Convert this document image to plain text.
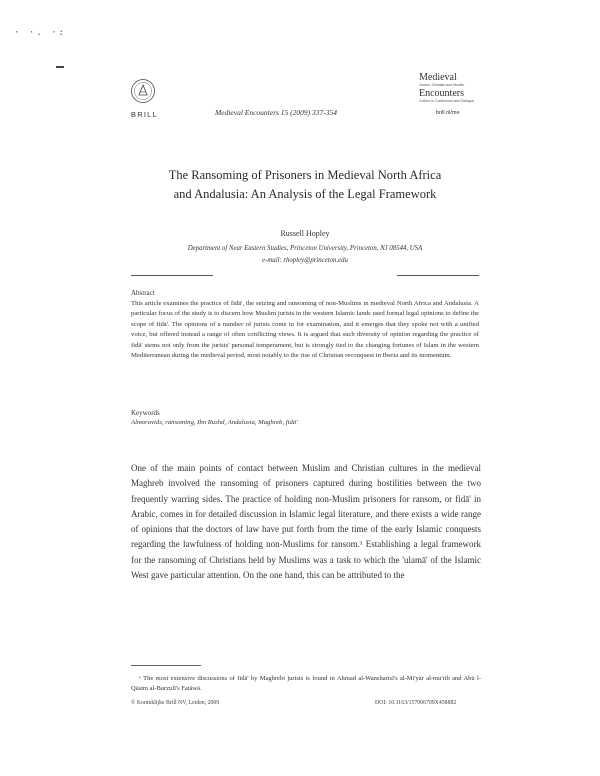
· ·. ·:
BRILL	Medieval Encounters 15 (2009) 337-354
Medieval
Jewish, Christian and Muslim
Encounters
Culture in Confluence and Dialogue
brill.nl/me
The Ransoming of Prisoners in Medieval North Africa
and Andalusia: An Analysis of the Legal Framework
Russell Hopley
Department of Near Eastern Studies, Princeton University, Princeton, NJ 08544, USA
e-mail: rhopley@princeton.edu
Abstract

This article examines the practice of fidā', the seizing and ransoming of non-Muslims in medieval North Africa and Andalusia. A particular focus of the study is to discern how Muslim jurists in the western Islamic lands used formal legal opinions to define the scope of fidā'. The opinions of a number of jurists come in for examination, and it emerges that they spoke not with a unified voice, but offered instead a range of often conflicting views. It is argued that such diversity of opinion regarding the practice of fidā' stems not only from the jurists' personal temperament, but is strongly tied to the changing fortunes of Islam in the western Mediterranean during the medieval period, most notably to the rise of Christian reconquest in Iberia and its momentum.

Keywords
Almoravids, ransoming, Ibn Rushd, Andalusia, Maghreb, fidā'

One of the main points of contact between Muslim and Christian cultures in the medieval Maghreb involved the ransoming of prisoners captured during hostilities between the two frequently warring sides. The practice of holding non-Muslim prisoners for ransom, or fidā' in Arabic, comes in for detailed discussion in Islamic legal literature, and there exists a wide range of opinions that the doctors of law have put forth from the time of the early Islamic conquests regarding the lawfulness of holding non-Muslims for ransom.¹ Establishing a legal framework for the ransoming of Christians held by Muslims was a task to which the 'ulamā' of the Islamic West gave particular attention. On the one hand, this can be attributed to the

¹ The most extensive discussions of fidā' by Maghrebi jurists is found in Ahmad al-Wansharīsī's al-Mi'yār al-mu'rib and Abū l-Qāsim al-Burzulī's Fatāwā.

© Koninklijke Brill NV, Leiden, 2009	DOI: 10.1163/157006709X458882
